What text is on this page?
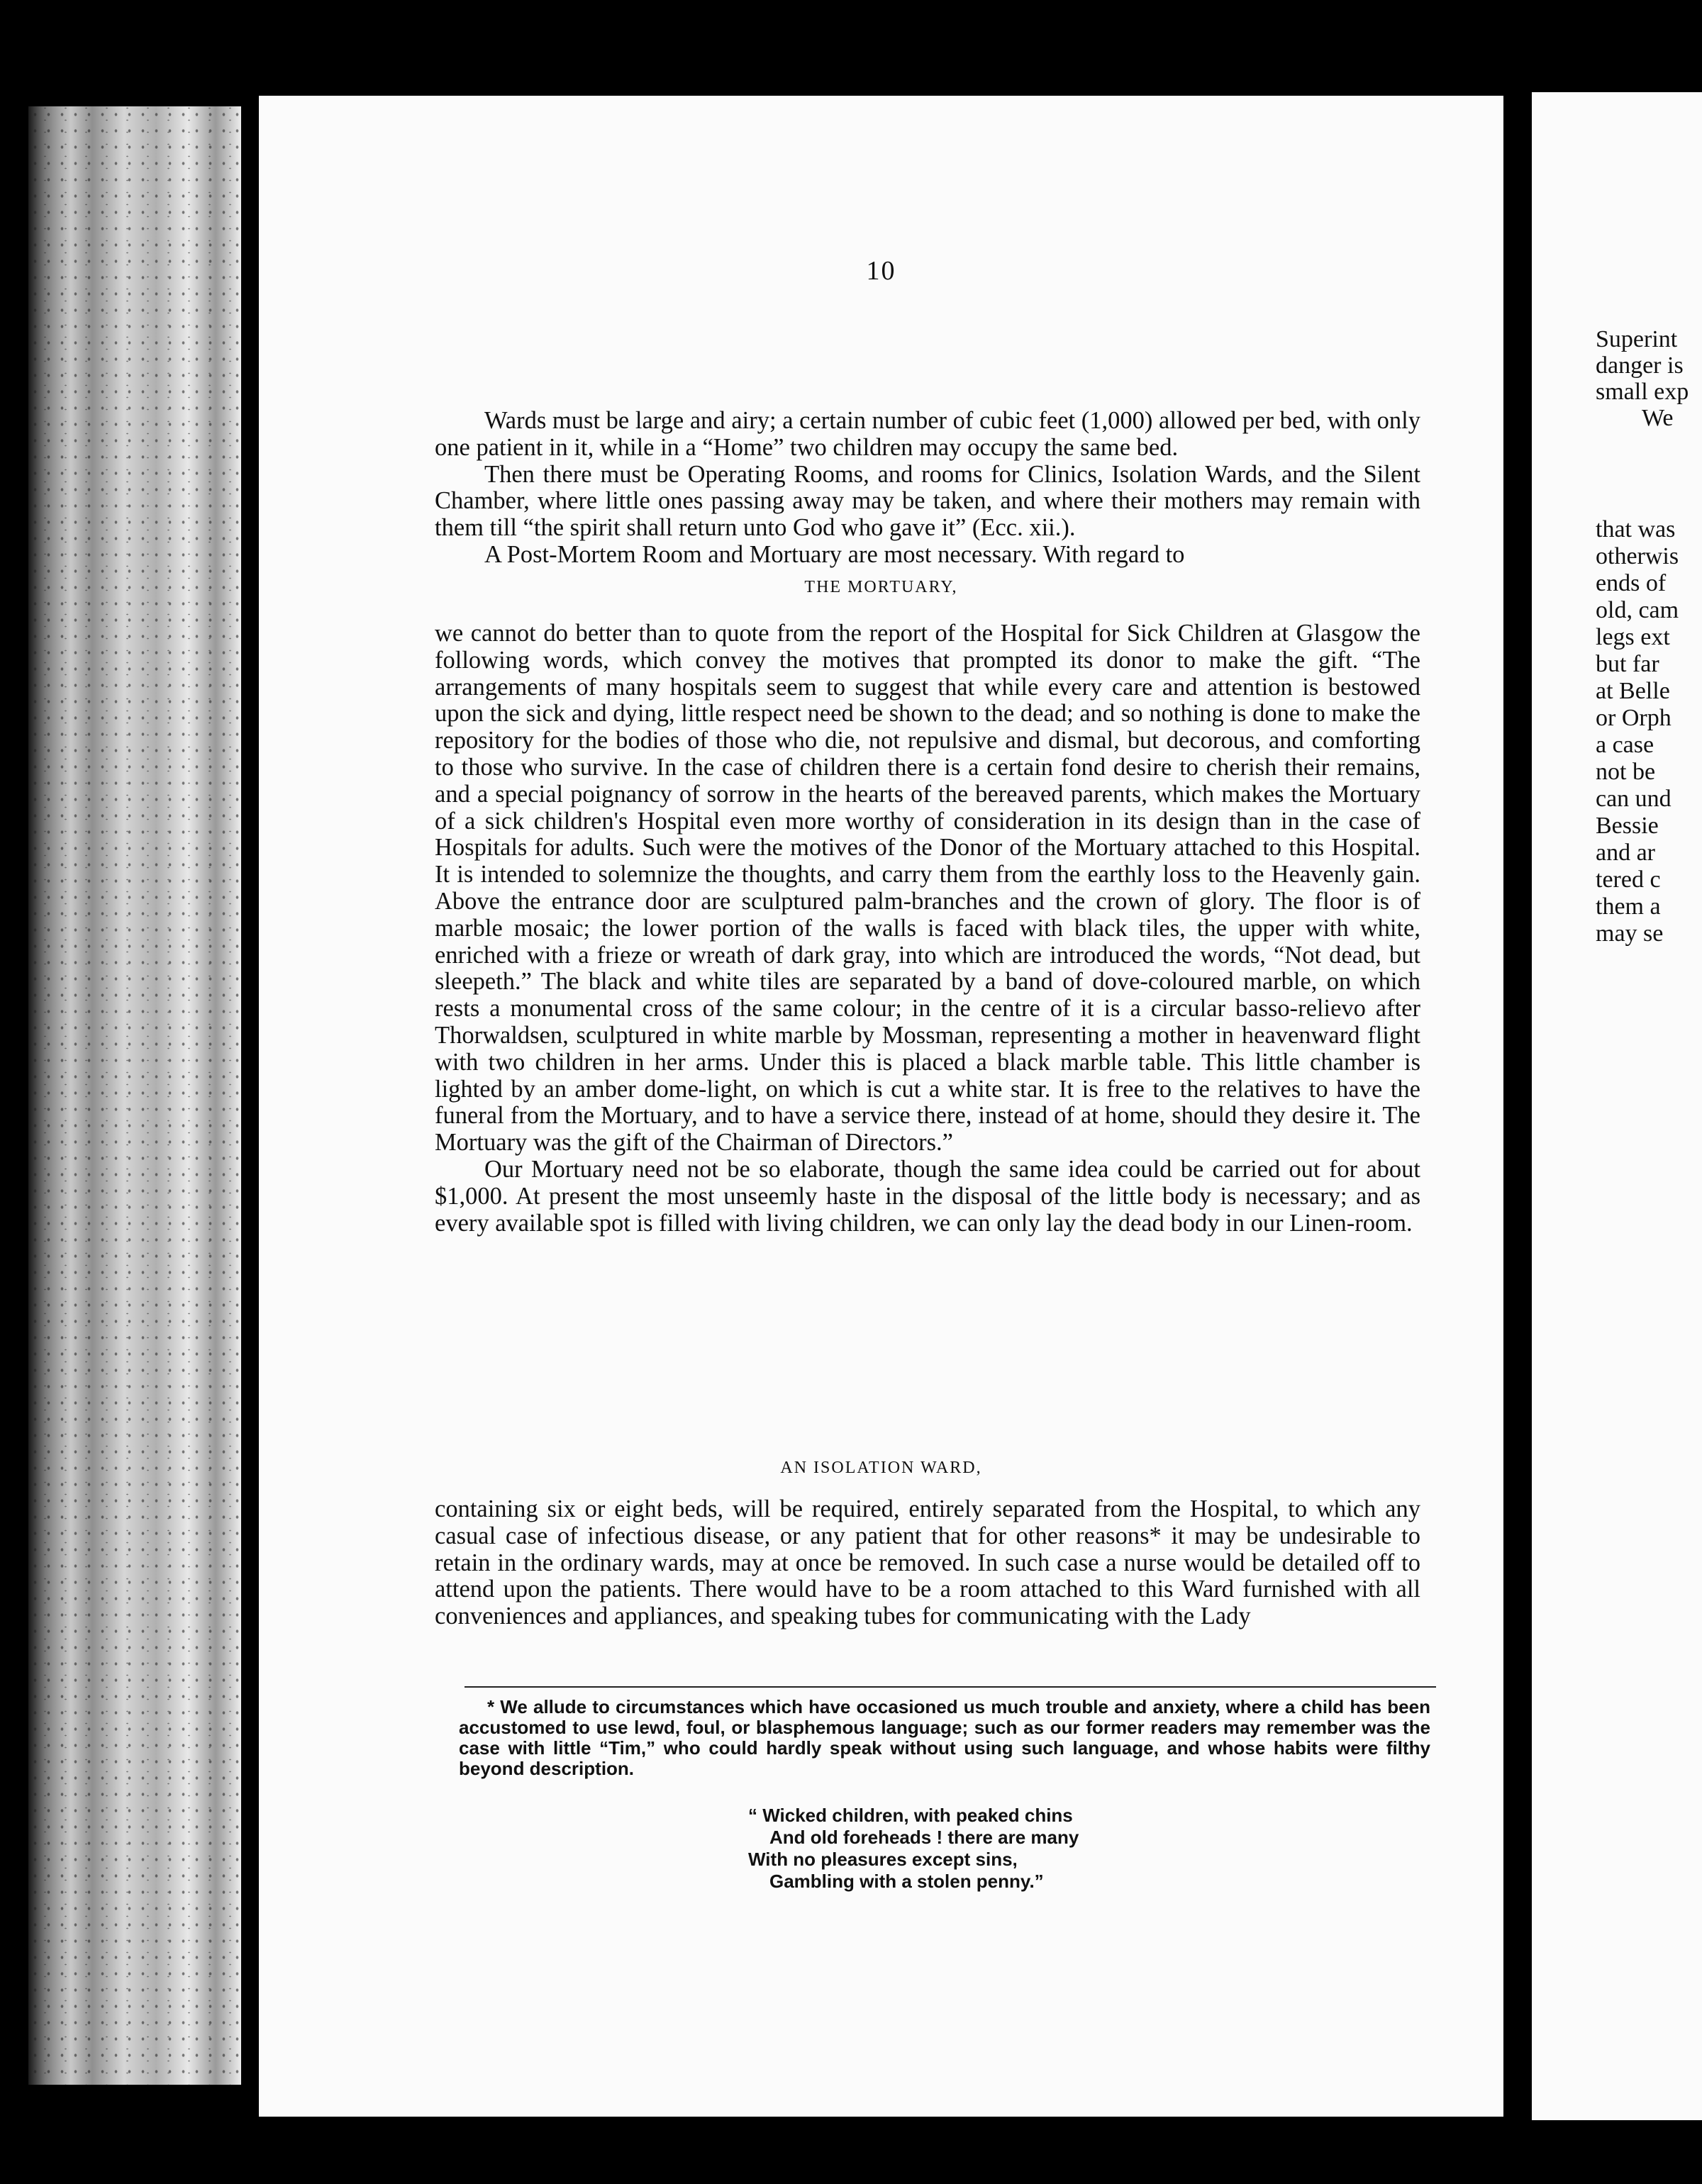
10

Wards must be large and airy; a certain number of cubic feet (1,000) allowed per bed, with only one patient in it, while in a “Home” two children may occupy the same bed.

Then there must be Operating Rooms, and rooms for Clinics, Isolation Wards, and the Silent Chamber, where little ones passing away may be taken, and where their mothers may remain with them till “the spirit shall return unto God who gave it” (Ecc. xii.).

A Post-Mortem Room and Mortuary are most necessary. With regard to

THE MORTUARY,

we cannot do better than to quote from the report of the Hospital for Sick Children at Glasgow the following words, which convey the motives that prompted its donor to make the gift. “The arrangements of many hospitals seem to suggest that while every care and attention is bestowed upon the sick and dying, little respect need be shown to the dead; and so nothing is done to make the repository for the bodies of those who die, not repulsive and dismal, but decorous, and comforting to those who survive. In the case of children there is a certain fond desire to cherish their remains, and a special poignancy of sorrow in the hearts of the bereaved parents, which makes the Mortuary of a sick children's Hospital even more worthy of consideration in its design than in the case of Hospitals for adults. Such were the motives of the Donor of the Mortuary attached to this Hospital. It is intended to solemnize the thoughts, and carry them from the earthly loss to the Heavenly gain. Above the entrance door are sculptured palm-branches and the crown of glory. The floor is of marble mosaic; the lower portion of the walls is faced with black tiles, the upper with white, enriched with a frieze or wreath of dark gray, into which are introduced the words, “Not dead, but sleepeth.” The black and white tiles are separated by a band of dove-coloured marble, on which rests a monumental cross of the same colour; in the centre of it is a circular basso-relievo after Thorwaldsen, sculptured in white marble by Mossman, representing a mother in heavenward flight with two children in her arms. Under this is placed a black marble table. This little chamber is lighted by an amber dome-light, on which is cut a white star. It is free to the relatives to have the funeral from the Mortuary, and to have a service there, instead of at home, should they desire it. The Mortuary was the gift of the Chairman of Directors.”

Our Mortuary need not be so elaborate, though the same idea could be carried out for about $1,000. At present the most unseemly haste in the disposal of the little body is necessary; and as every available spot is filled with living children, we can only lay the dead body in our Linen-room.

AN ISOLATION WARD,

containing six or eight beds, will be required, entirely separated from the Hospital, to which any casual case of infectious disease, or any patient that for other reasons* it may be undesirable to retain in the ordinary wards, may at once be removed. In such case a nurse would be detailed off to attend upon the patients. There would have to be a room attached to this Ward furnished with all conveniences and appliances, and speaking tubes for communicating with the Lady

* We allude to circumstances which have occasioned us much trouble and anxiety, where a child has been accustomed to use lewd, foul, or blasphemous language; such as our former readers may remember was the case with little “Tim,” who could hardly speak without using such language, and whose habits were filthy beyond description.

“ Wicked children, with peaked chins
And old foreheads ! there are many
With no pleasures except sins,
Gambling with a stolen penny.”
Superint
danger is
small exp
We
that was
otherwis
ends of
old, cam
legs ext
but far
at Belle
or Orph
a case
not be
can und
Bessie
and ar
tered c
them a
may se
